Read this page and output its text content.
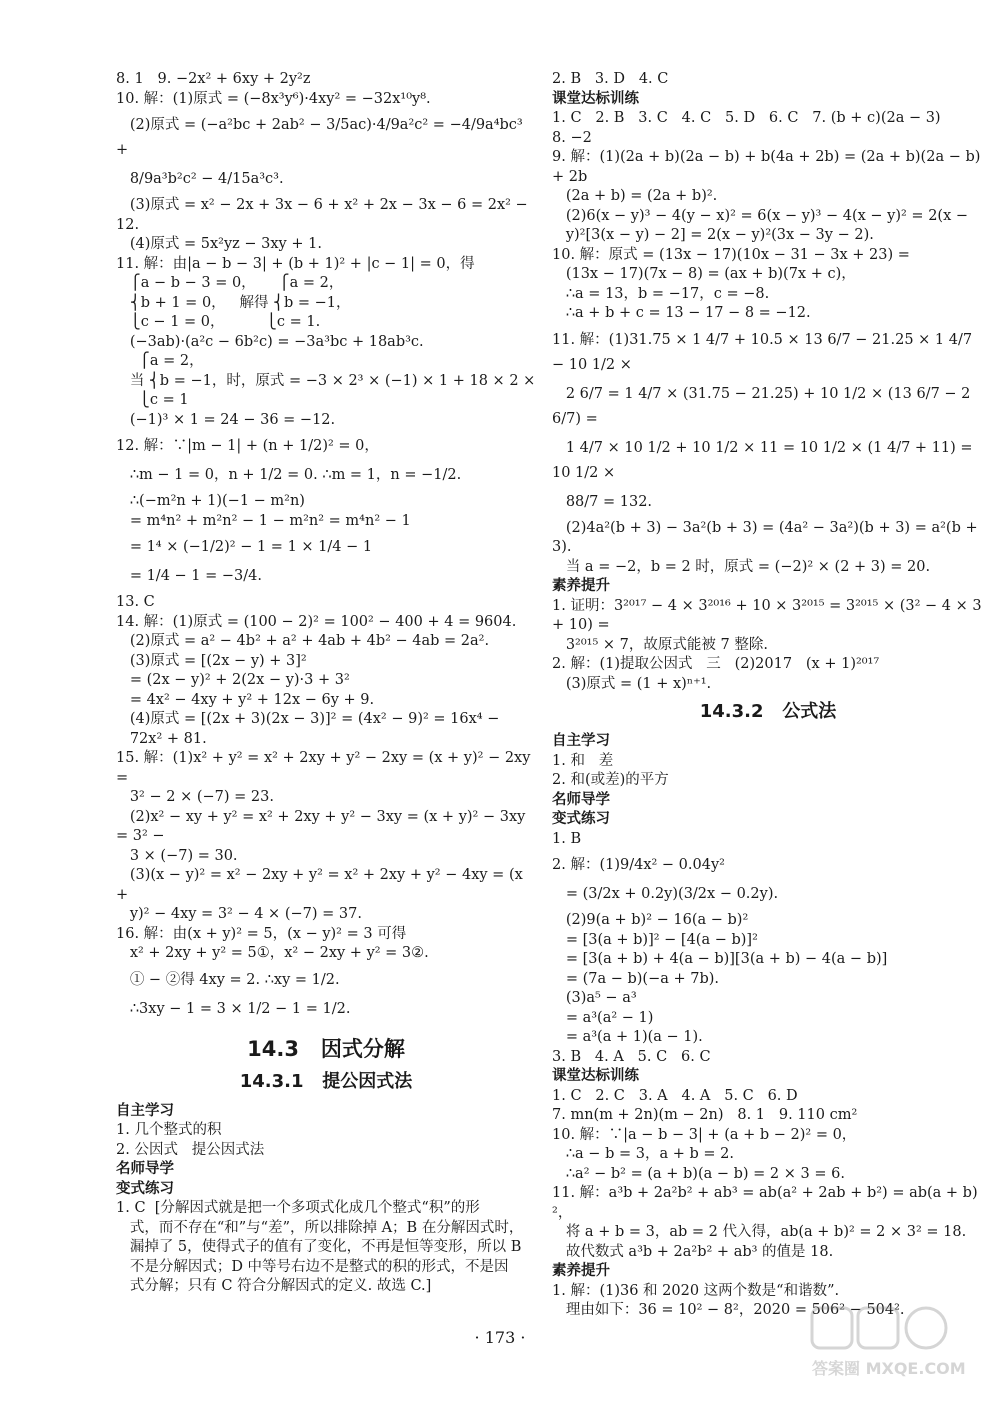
8. 1   9. −2x² + 6xy + 2y²z
10. 解：(1)原式 = (−8x³y⁶)·4xy² = −32x¹⁰y⁸.
(2)原式 = (−a²bc + 2ab² − 3/5ac)·4/9a²c² = −4/9a⁴bc³ +
8/9a³b²c² − 4/15a³c³.
(3)原式 = x² − 2x + 3x − 6 + x² + 2x − 3x − 6 = 2x² − 12.
(4)原式 = 5x²yz − 3xy + 1.
11. 解：由|a − b − 3| + (b + 1)² + |c − 1| = 0，得
⎧a − b − 3 = 0，     ⎧a = 2，
⎨b + 1 = 0，   解得 ⎨b = −1，
⎩c − 1 = 0，         ⎩c = 1.
(−3ab)·(a²c − 6b²c) = −3a³bc + 18ab³c.
⎧a = 2，
当 ⎨b = −1，时，原式 = −3 × 2³ × (−1) × 1 + 18 × 2 ×
⎩c = 1
(−1)³ × 1 = 24 − 36 = −12.
12. 解：∵|m − 1| + (n + 1/2)² = 0，
∴m − 1 = 0，n + 1/2 = 0. ∴m = 1，n = −1/2.
∴(−m²n + 1)(−1 − m²n)
= m⁴n² + m²n² − 1 − m²n² = m⁴n² − 1
= 1⁴ × (−1/2)² − 1 = 1 × 1/4 − 1
= 1/4 − 1 = −3/4.
13. C
14. 解：(1)原式 = (100 − 2)² = 100² − 400 + 4 = 9604.
(2)原式 = a² − 4b² + a² + 4ab + 4b² − 4ab = 2a².
(3)原式 = [(2x − y) + 3]²
= (2x − y)² + 2(2x − y)·3 + 3²
= 4x² − 4xy + y² + 12x − 6y + 9.
(4)原式 = [(2x + 3)(2x − 3)]² = (4x² − 9)² = 16x⁴ −
72x² + 81.
15. 解：(1)x² + y² = x² + 2xy + y² − 2xy = (x + y)² − 2xy =
3² − 2 × (−7) = 23.
(2)x² − xy + y² = x² + 2xy + y² − 3xy = (x + y)² − 3xy = 3² −
3 × (−7) = 30.
(3)(x − y)² = x² − 2xy + y² = x² + 2xy + y² − 4xy = (x +
y)² − 4xy = 3² − 4 × (−7) = 37.
16. 解：由(x + y)² = 5，(x − y)² = 3 可得
x² + 2xy + y² = 5①，x² − 2xy + y² = 3②.
① − ②得 4xy = 2. ∴xy = 1/2.
∴3xy − 1 = 3 × 1/2 − 1 = 1/2.
14.3   因式分解
14.3.1   提公因式法
自主学习
1. 几个整式的积
2. 公因式   提公因式法
名师导学
变式练习
1. C  [分解因式就是把一个多项式化成几个整式“积”的形
式，而不存在“和”与“差”，所以排除掉 A；B 在分解因式时，
漏掉了 5，使得式子的值有了变化，不再是恒等变形，所以 B
不是分解因式；D 中等号右边不是整式的积的形式，不是因
式分解；只有 C 符合分解因式的定义. 故选 C.]
2. B   3. D   4. C
课堂达标训练
1. C   2. B   3. C   4. C   5. D   6. C   7. (b + c)(2a − 3)
8. −2
9. 解：(1)(2a + b)(2a − b) + b(4a + 2b) = (2a + b)(2a − b) + 2b
(2a + b) = (2a + b)².
(2)6(x − y)³ − 4(y − x)² = 6(x − y)³ − 4(x − y)² = 2(x −
y)²[3(x − y) − 2] = 2(x − y)²(3x − 3y − 2).
10. 解：原式 = (13x − 17)(10x − 31 − 3x + 23) =
(13x − 17)(7x − 8) = (ax + b)(7x + c)，
∴a = 13，b = −17，c = −8.
∴a + b + c = 13 − 17 − 8 = −12.
11. 解：(1)31.75 × 1 4/7 + 10.5 × 13 6/7 − 21.25 × 1 4/7 − 10 1/2 ×
2 6/7 = 1 4/7 × (31.75 − 21.25) + 10 1/2 × (13 6/7 − 2 6/7) =
1 4/7 × 10 1/2 + 10 1/2 × 11 = 10 1/2 × (1 4/7 + 11) = 10 1/2 ×
88/7 = 132.
(2)4a²(b + 3) − 3a²(b + 3) = (4a² − 3a²)(b + 3) = a²(b + 3).
当 a = −2，b = 2 时，原式 = (−2)² × (2 + 3) = 20.
素养提升
1. 证明：3²⁰¹⁷ − 4 × 3²⁰¹⁶ + 10 × 3²⁰¹⁵ = 3²⁰¹⁵ × (3² − 4 × 3 + 10) =
3²⁰¹⁵ × 7，故原式能被 7 整除.
2. 解：(1)提取公因式   三   (2)2017   (x + 1)²⁰¹⁷
(3)原式 = (1 + x)ⁿ⁺¹.
14.3.2   公式法
自主学习
1. 和   差
2. 和(或差)的平方
名师导学
变式练习
1. B
2. 解：(1)9/4x² − 0.04y²
= (3/2x + 0.2y)(3/2x − 0.2y).
(2)9(a + b)² − 16(a − b)²
= [3(a + b)]² − [4(a − b)]²
= [3(a + b) + 4(a − b)][3(a + b) − 4(a − b)]
= (7a − b)(−a + 7b).
(3)a⁵ − a³
= a³(a² − 1)
= a³(a + 1)(a − 1).
3. B   4. A   5. C   6. C
课堂达标训练
1. C   2. C   3. A   4. A   5. C   6. D
7. mn(m + 2n)(m − 2n)   8. 1   9. 110 cm²
10. 解：∵|a − b − 3| + (a + b − 2)² = 0，
∴a − b = 3，a + b = 2.
∴a² − b² = (a + b)(a − b) = 2 × 3 = 6.
11. 解：a³b + 2a²b² + ab³ = ab(a² + 2ab + b²) = ab(a + b)²，
将 a + b = 3，ab = 2 代入得，ab(a + b)² = 2 × 3² = 18.
故代数式 a³b + 2a²b² + ab³ 的值是 18.
素养提升
1. 解：(1)36 和 2020 这两个数是“和谐数”.
理由如下：36 = 10² − 8²，2020 = 506² − 504².
· 173 ·
答案圈 MXQE.COM
